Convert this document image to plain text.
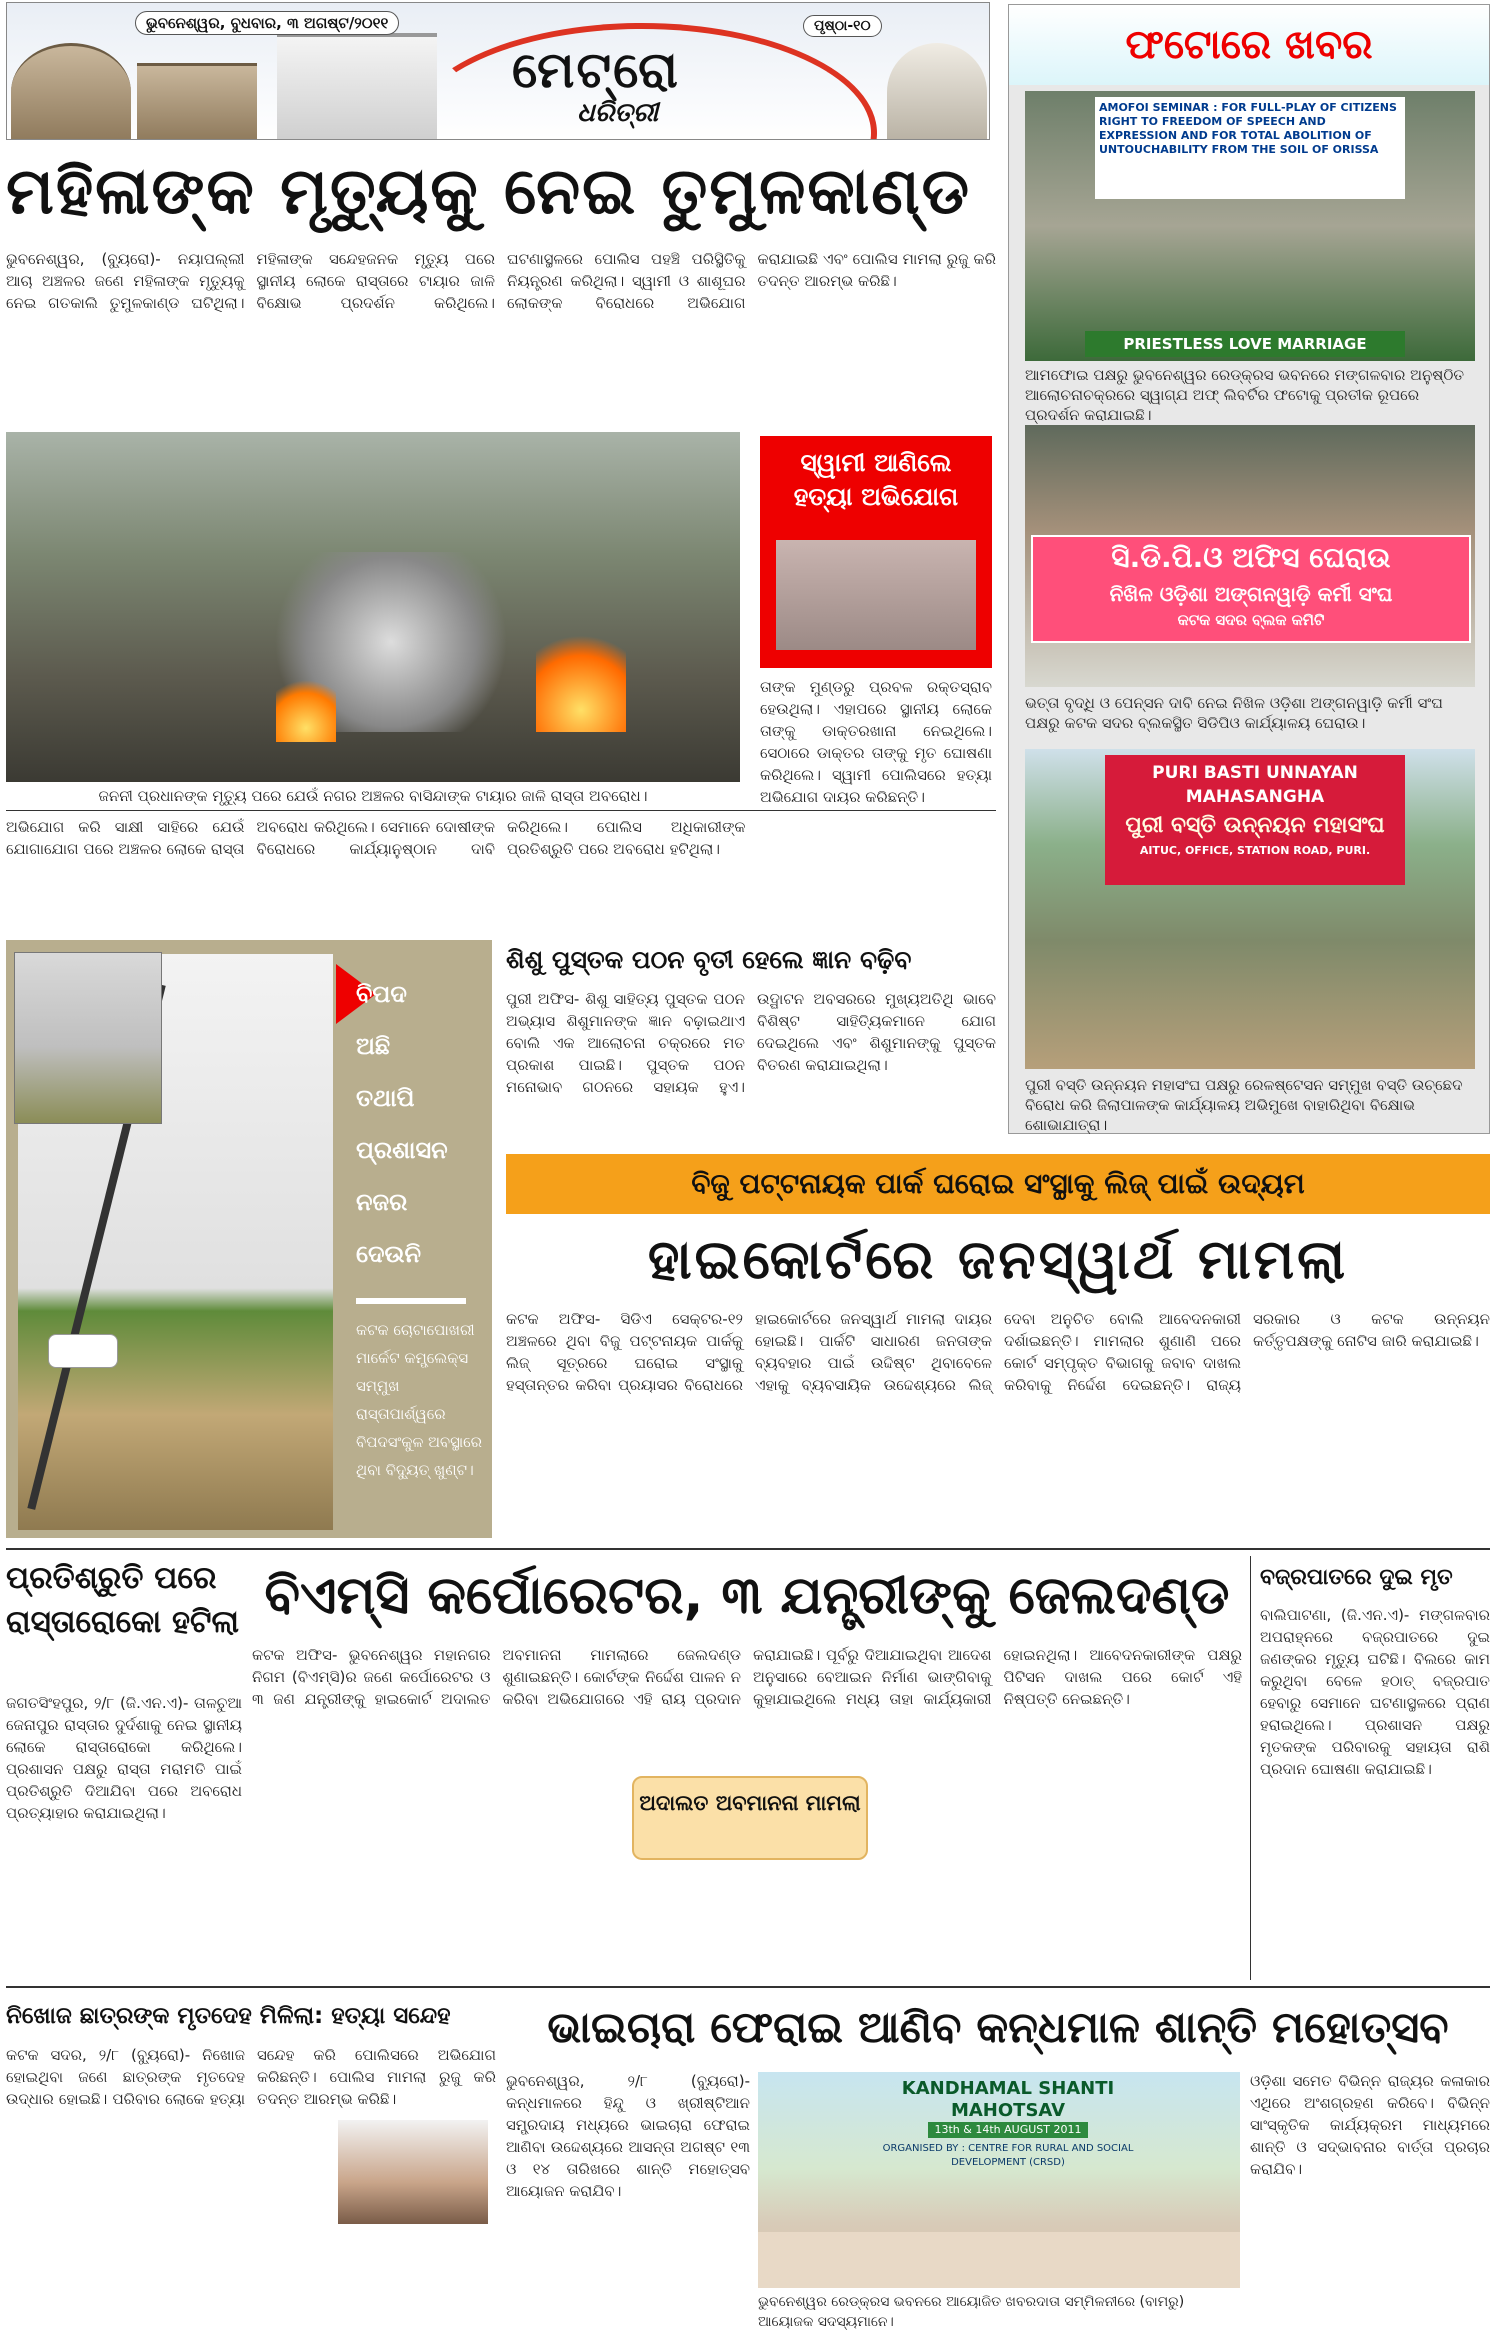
ଭୁବନେଶ୍ୱର, ବୁଧବାର, ୩ ଅଗଷ୍ଟ/୨୦୧୧	ପୃଷ୍ଠା-୧୦
ମେଟ୍ରୋ
ଧରିତ୍ରୀ
ମହିଳାଙ୍କ ମୃତ୍ୟୁକୁ ନେଇ ତୁମୁଳକାଣ୍ଡ
ଭୁବନେଶ୍ୱର, (ବ୍ୟୁରୋ)- ନୟାପଲ୍ଲୀ ଆଚା ଅଞ୍ଚଳର ଜଣେ ମହିଳାଙ୍କ ମୃତ୍ୟୁକୁ ନେଇ ଗତକାଲି ତୁମୁଳକାଣ୍ଡ ଘଟିଥିଲା। ମହିଳାଙ୍କ ସନ୍ଦେହଜନକ ମୃତ୍ୟୁ ପରେ ସ୍ଥାନୀୟ ଲୋକେ ରାସ୍ତାରେ ଟାୟାର ଜାଳି ବିକ୍ଷୋଭ ପ୍ରଦର୍ଶନ କରିଥିଲେ। ଘଟଣାସ୍ଥଳରେ ପୋଲିସ ପହଞ୍ଚି ପରିସ୍ଥିତିକୁ ନିୟନ୍ତ୍ରଣ କରିଥିଲା। ସ୍ୱାମୀ ଓ ଶାଶୂଘର ଲୋକଙ୍କ ବିରୋଧରେ ଅଭିଯୋଗ କରାଯାଇଛି ଏବଂ ପୋଲିସ ମାମଲା ରୁଜୁ କରି ତଦନ୍ତ ଆରମ୍ଭ କରିଛି।
ଜନନୀ ପ୍ରଧାନଙ୍କ ମୃତ୍ୟୁ ପରେ ଯେଉଁ ନଗର ଅଞ୍ଚଳର ବାସିନ୍ଦାଙ୍କ ଟାୟାର ଜାଳି ରାସ୍ତା ଅବରୋଧ।
ସ୍ୱାମୀ ଆଣିଲେ ହତ୍ୟା ଅଭିଯୋଗ
ତାଙ୍କ ମୁଣ୍ଡରୁ ପ୍ରବଳ ରକ୍ତସ୍ରାବ ହେଉଥିଲା। ଏହାପରେ ସ୍ଥାନୀୟ ଲୋକେ ତାଙ୍କୁ ଡାକ୍ତରଖାନା ନେଇଥିଲେ। ସେଠାରେ ଡାକ୍ତର ତାଙ୍କୁ ମୃତ ଘୋଷଣା କରିଥିଲେ। ସ୍ୱାମୀ ପୋଲିସରେ ହତ୍ୟା ଅଭିଯୋଗ ଦାୟର କରିଛନ୍ତି।
ଅଭିଯୋଗ କରି ସାକ୍ଷୀ ସାହିରେ ଯେଉଁ ଯୋଗାଯୋଗ ପରେ ଅଞ୍ଚଳର ଲୋକେ ରାସ୍ତା ଅବରୋଧ କରିଥିଲେ। ସେମାନେ ଦୋଷୀଙ୍କ ବିରୋଧରେ କାର୍ଯ୍ୟାନୁଷ୍ଠାନ ଦାବି କରିଥିଲେ। ପୋଲିସ ଅଧିକାରୀଙ୍କ ପ୍ରତିଶ୍ରୁତି ପରେ ଅବରୋଧ ହଟିଥିଲା।
ବିପଦ
ଅଛି
ତଥାପି
ପ୍ରଶାସନ
ନଜର
ଦେଉନି
କଟକ ଚୋଟାପୋଖରୀ ମାର୍କେଟ କମ୍ପ୍ଲେକ୍ସ ସମ୍ମୁଖ ରାସ୍ତାପାର୍ଶ୍ୱରେ ବିପଦସଂକୁଳ ଅବସ୍ଥାରେ ଥିବା ବିଦ୍ୟୁତ୍ ଖୁଣ୍ଟ।
ଶିଶୁ ପୁସ୍ତକ ପଠନ ବୃତୀ ହେଲେ ଜ୍ଞାନ ବଢ଼ିବ
ପୁରୀ ଅଫିସ- ଶିଶୁ ସାହିତ୍ୟ ପୁସ୍ତକ ପଠନ ଅଭ୍ୟାସ ଶିଶୁମାନଙ୍କ ଜ୍ଞାନ ବଢ଼ାଇଥାଏ ବୋଲି ଏକ ଆଲୋଚନା ଚକ୍ରରେ ମତ ପ୍ରକାଶ ପାଇଛି। ପୁସ୍ତକ ପଠନ ମନୋଭାବ ଗଠନରେ ସହାୟକ ହୁଏ। ଉଦ୍ଘାଟନ ଅବସରରେ ମୁଖ୍ୟଅତିଥି ଭାବେ ବିଶିଷ୍ଟ ସାହିତ୍ୟିକମାନେ ଯୋଗ ଦେଇଥିଲେ ଏବଂ ଶିଶୁମାନଙ୍କୁ ପୁସ୍ତକ ବିତରଣ କରାଯାଇଥିଲା।
ଫଟୋରେ ଖବର
AMOFOI SEMINAR : FOR FULL-PLAY OF CITIZENS RIGHT TO FREEDOM OF SPEECH AND EXPRESSION AND FOR TOTAL ABOLITION OF UNTOUCHABILITY FROM THE SOIL OF ORISSA
PRIESTLESS LOVE MARRIAGE
ଆମଫୋଇ ପକ୍ଷରୁ ଭୁବନେଶ୍ୱର ରେଡ୍‌କ୍ରସ ଭବନରେ ମଙ୍ଗଳବାର ଅନୁଷ୍ଠିତ ଆଲୋଚନାଚକ୍ରରେ ସ୍ୱାଗ୍ଯ ଅଫ୍ ଲିବର୍ଟିର ଫଟୋକୁ ପ୍ରତୀକ ରୂପରେ ପ୍ରଦର୍ଶନ କରାଯାଇଛି।
ସି.ଡି.ପି.ଓ ଅଫିସ ଘେରାଉ
ନିଖିଳ ଓଡ଼ିଶା ଅଙ୍ଗନୱାଡ଼ି କର୍ମୀ ସଂଘ
କଟକ ସଦର ବ୍ଲକ କମିଟି
ଭତ୍ତା ବୃଦ୍ଧି ଓ ପେନ୍‌ସନ ଦାବି ନେଇ ନିଖିଳ ଓଡ଼ିଶା ଅଙ୍ଗନୱାଡ଼ି କର୍ମୀ ସଂଘ ପକ୍ଷରୁ କଟକ ସଦର ବ୍ଲକସ୍ଥିତ ସିଡିପିଓ କାର୍ଯ୍ୟାଳୟ ଘେରାଉ।
PURI BASTI UNNAYAN MAHASANGHA
ପୁରୀ ବସ୍ତି ଉନ୍ନୟନ ମହାସଂଘ
AITUC, OFFICE, STATION ROAD, PURI.
ପୁରୀ ବସ୍ତି ଉନ୍ନୟନ ମହାସଂଘ ପକ୍ଷରୁ ରେଳଷ୍ଟେସନ ସମ୍ମୁଖ ବସ୍ତି ଉଚ୍ଛେଦ ବିରୋଧ କରି ଜିଲାପାଳଙ୍କ କାର୍ଯ୍ୟାଳୟ ଅଭିମୁଖେ ବାହାରିଥିବା ବିକ୍ଷୋଭ ଶୋଭାଯାତ୍ରା।
ବିଜୁ ପଟ୍ଟନାୟକ ପାର୍କ ଘରୋଇ ସଂସ୍ଥାକୁ ଲିଜ୍ ପାଇଁ ଉଦ୍ୟମ
ହାଇକୋର୍ଟରେ ଜନସ୍ୱାର୍ଥ ମାମଲା
କଟକ ଅଫିସ- ସିଡିଏ ସେକ୍ଟର-୧୨ ଅଞ୍ଚଳରେ ଥିବା ବିଜୁ ପଟ୍ଟନାୟକ ପାର୍କକୁ ଲିଜ୍ ସୂତ୍ରରେ ଘରୋଇ ସଂସ୍ଥାକୁ ହସ୍ତାନ୍ତର କରିବା ପ୍ରୟାସର ବିରୋଧରେ ହାଇକୋର୍ଟରେ ଜନସ୍ୱାର୍ଥ ମାମଲା ଦାୟର ହୋଇଛି। ପାର୍କଟି ସାଧାରଣ ଜନତାଙ୍କ ବ୍ୟବହାର ପାଇଁ ଉଦ୍ଦିଷ୍ଟ ଥିବାବେଳେ ଏହାକୁ ବ୍ୟବସାୟିକ ଉଦ୍ଦେଶ୍ୟରେ ଲିଜ୍ ଦେବା ଅନୁଚିତ ବୋଲି ଆବେଦନକାରୀ ଦର୍ଶାଇଛନ୍ତି। ମାମଲାର ଶୁଣାଣି ପରେ କୋର୍ଟ ସମ୍ପୃକ୍ତ ବିଭାଗକୁ ଜବାବ ଦାଖଲ କରିବାକୁ ନିର୍ଦ୍ଦେଶ ଦେଇଛନ୍ତି। ରାଜ୍ୟ ସରକାର ଓ କଟକ ଉନ୍ନୟନ କର୍ତ୍ତୃପକ୍ଷଙ୍କୁ ନୋଟିସ ଜାରି କରାଯାଇଛି।
ପ୍ରତିଶ୍ରୁତି ପରେ ରାସ୍ତାରୋକୋ ହଟିଲା
ଜଗତସିଂହପୁର, ୨/୮ (ଜି.ଏନ.ଏ)- ତାଳଚୁଆ ଜେନାପୁର ରାସ୍ତାର ଦୁର୍ଦଶାକୁ ନେଇ ସ୍ଥାନୀୟ ଲୋକେ ରାସ୍ତାରୋକୋ କରିଥିଲେ। ପ୍ରଶାସନ ପକ୍ଷରୁ ରାସ୍ତା ମରାମତି ପାଇଁ ପ୍ରତିଶ୍ରୁତି ଦିଆଯିବା ପରେ ଅବରୋଧ ପ୍ରତ୍ୟାହାର କରାଯାଇଥିଲା।
ବିଏମ୍‌ସି କର୍ପୋରେଟର, ୩ ଯନ୍ତ୍ରୀଙ୍କୁ ଜେଲଦଣ୍ଡ
କଟକ ଅଫିସ- ଭୁବନେଶ୍ୱର ମହାନଗର ନିଗମ (ବିଏମ୍‌ସି)ର ଜଣେ କର୍ପୋରେଟର ଓ ୩ ଜଣ ଯନ୍ତ୍ରୀଙ୍କୁ ହାଇକୋର୍ଟ ଅଦାଲତ ଅବମାନନା ମାମଲାରେ ଜେଲଦଣ୍ଡ ଶୁଣାଇଛନ୍ତି। କୋର୍ଟଙ୍କ ନିର୍ଦ୍ଦେଶ ପାଳନ ନ କରିବା ଅଭିଯୋଗରେ ଏହି ରାୟ ପ୍ରଦାନ କରାଯାଇଛି। ପୂର୍ବରୁ ଦିଆଯାଇଥିବା ଆଦେଶ ଅନୁସାରେ ବେଆଇନ ନିର୍ମାଣ ଭାଙ୍ଗିବାକୁ କୁହାଯାଇଥିଲେ ମଧ୍ୟ ତାହା କାର୍ଯ୍ୟକାରୀ ହୋଇନଥିଲା। ଆବେଦନକାରୀଙ୍କ ପକ୍ଷରୁ ପିଟିସନ ଦାଖଲ ପରେ କୋର୍ଟ ଏହି ନିଷ୍ପତ୍ତି ନେଇଛନ୍ତି।
ଅଦାଲତ ଅବମାନନା ମାମଲା
ବଜ୍ରପାତରେ ଦୁଇ ମୃତ
ବାଲିପାଟଣା, (ଜି.ଏନ.ଏ)- ମଙ୍ଗଳବାର ଅପରାହ୍ନରେ ବଜ୍ରପାତରେ ଦୁଇ ଜଣଙ୍କର ମୃତ୍ୟୁ ଘଟିଛି। ବିଲରେ କାମ କରୁଥିବା ବେଳେ ହଠାତ୍ ବଜ୍ରପାତ ହେବାରୁ ସେମାନେ ଘଟଣାସ୍ଥଳରେ ପ୍ରାଣ ହରାଇଥିଲେ। ପ୍ରଶାସନ ପକ୍ଷରୁ ମୃତକଙ୍କ ପରିବାରକୁ ସହାୟତା ରାଶି ପ୍ରଦାନ ଘୋଷଣା କରାଯାଇଛି।
ନିଖୋଜ ଛାତ୍ରଙ୍କ ମୃତଦେହ ମିଳିଲା: ହତ୍ୟା ସନ୍ଦେହ
କଟକ ସଦର, ୨/୮ (ବ୍ୟୁରୋ)- ନିଖୋଜ ହୋଇଥିବା ଜଣେ ଛାତ୍ରଙ୍କ ମୃତଦେହ ଉଦ୍ଧାର ହୋଇଛି। ପରିବାର ଲୋକେ ହତ୍ୟା ସନ୍ଦେହ କରି ପୋଲିସରେ ଅଭିଯୋଗ କରିଛନ୍ତି। ପୋଲିସ ମାମଲା ରୁଜୁ କରି ତଦନ୍ତ ଆରମ୍ଭ କରିଛି।
ଭାଇଚାରା ଫେରାଇ ଆଣିବ କନ୍ଧମାଳ ଶାନ୍ତି ମହୋତ୍ସବ
ଭୁବନେଶ୍ୱର, ୨/୮ (ବ୍ୟୁରୋ)- କନ୍ଧମାଳରେ ହିନ୍ଦୁ ଓ ଖ୍ରୀଷ୍ଟିଆନ ସମ୍ପ୍ରଦାୟ ମଧ୍ୟରେ ଭାଇଚାରା ଫେରାଇ ଆଣିବା ଉଦ୍ଦେଶ୍ୟରେ ଆସନ୍ତା ଅଗଷ୍ଟ ୧୩ ଓ ୧୪ ତାରିଖରେ ଶାନ୍ତି ମହୋତ୍ସବ ଆୟୋଜନ କରାଯିବ।
KANDHAMAL SHANTI MAHOTSAV
13th & 14th AUGUST 2011
ORGANISED BY : CENTRE FOR RURAL AND SOCIAL DEVELOPMENT (CRSD)
ଭୁବନେଶ୍ୱର ରେଡ୍‌କ୍ରସ ଭବନରେ ଆୟୋଜିତ ଖବରଦାତା ସମ୍ମିଳନୀରେ (ବାମରୁ) ଆୟୋଜକ ସଦସ୍ୟମାନେ।
ଓଡ଼ିଶା ସମେତ ବିଭିନ୍ନ ରାଜ୍ୟର କଳାକାର ଏଥିରେ ଅଂଶଗ୍ରହଣ କରିବେ। ବିଭିନ୍ନ ସାଂସ୍କୃତିକ କାର୍ଯ୍ୟକ୍ରମ ମାଧ୍ୟମରେ ଶାନ୍ତି ଓ ସଦ୍ଭାବନାର ବାର୍ତ୍ତା ପ୍ରଚାର କରାଯିବ।
